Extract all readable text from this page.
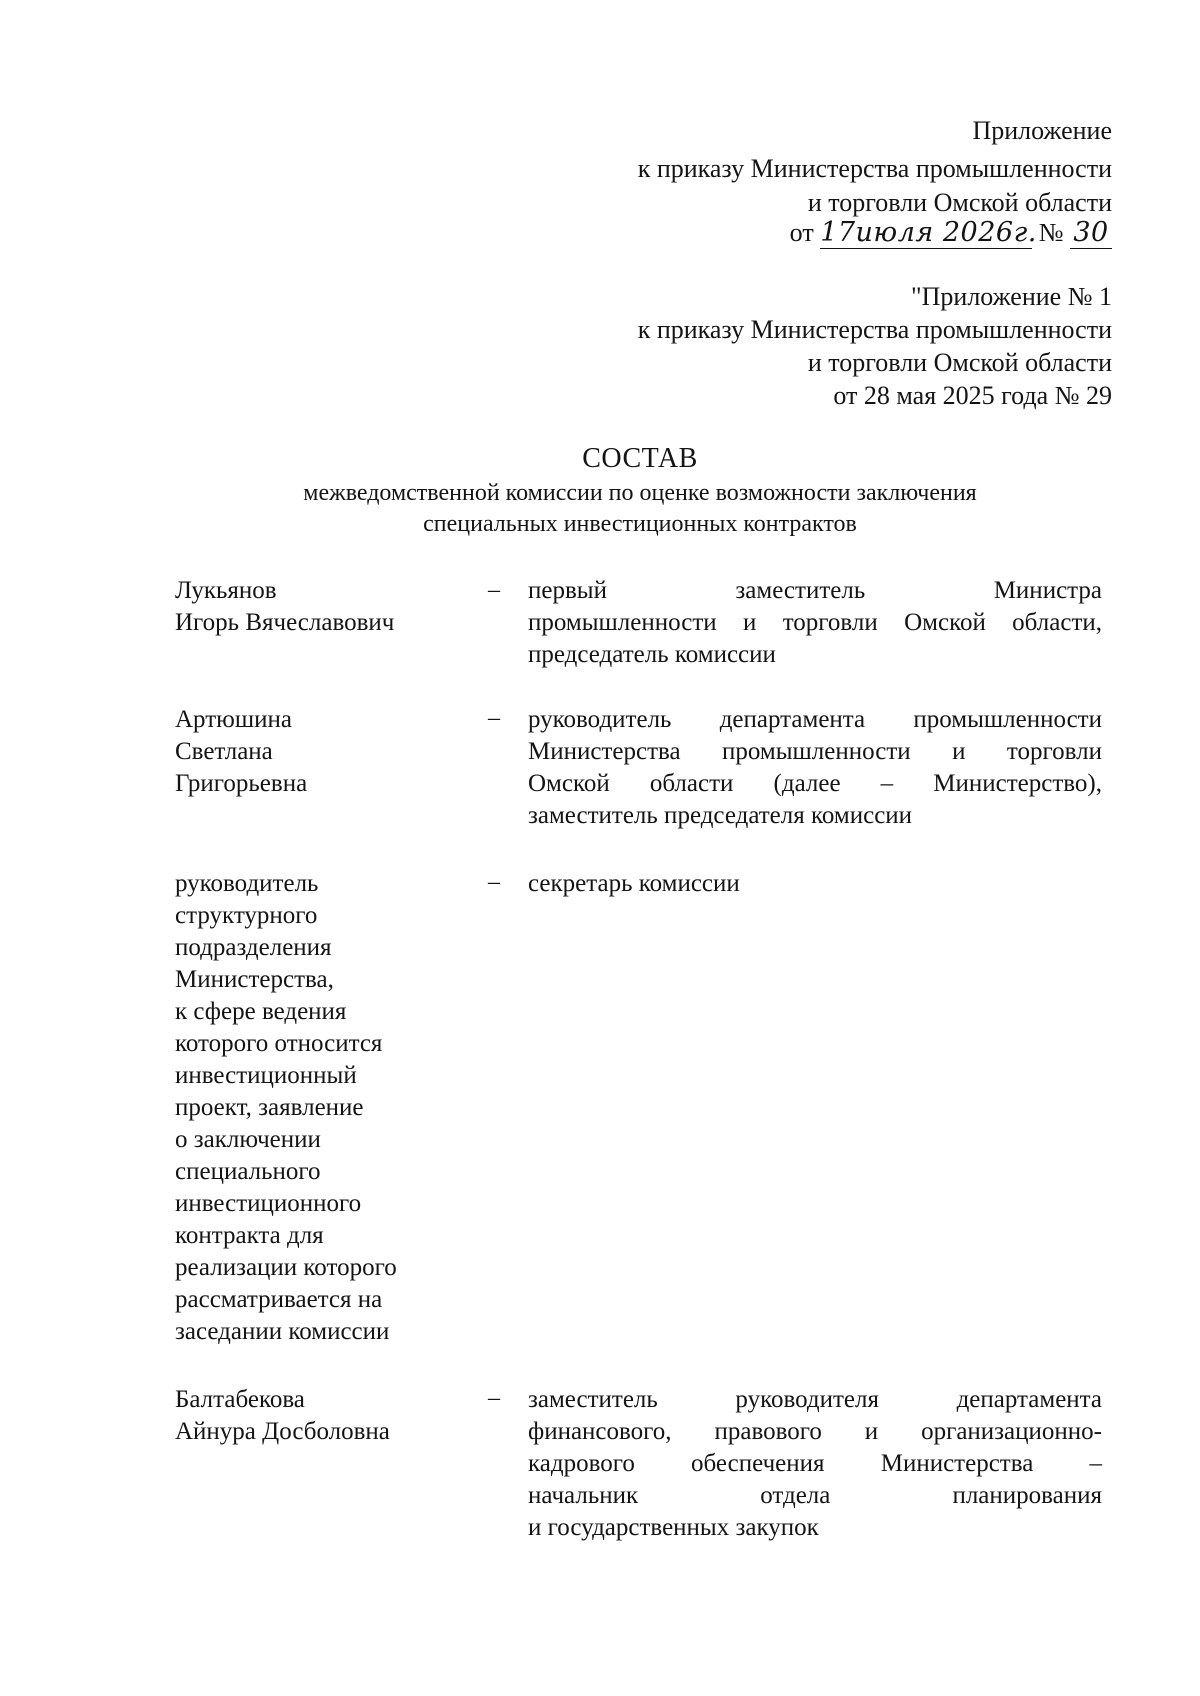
Приложение
к приказу Министерства промышленности
и торговли Омской области
от 17июля 2026г. № 30
"Приложение № 1
к приказу Министерства промышленности
и торговли Омской области
от 28 мая 2025 года № 29
СОСТАВ
межведомственной комиссии по оценке возможности заключения
специальных инвестиционных контрактов
Лукьянов
Игорь Вячеславович
– первый заместитель Министра
промышленности и торговли Омской области,
председатель комиссии
Артюшина
Светлана
Григорьевна
– руководитель департамента промышленности
Министерства промышленности и торговли
Омской области (далее – Министерство),
заместитель председателя комиссии
руководитель
структурного
подразделения
Министерства,
к сфере ведения
которого относится
инвестиционный
проект, заявление
о заключении
специального
инвестиционного
контракта для
реализации которого
рассматривается на
заседании комиссии
– секретарь комиссии
Балтабекова
Айнура Досболовна
– заместитель руководителя департамента
финансового, правового и организационно-
кадрового обеспечения Министерства –
начальник отдела планирования
и государственных закупок
